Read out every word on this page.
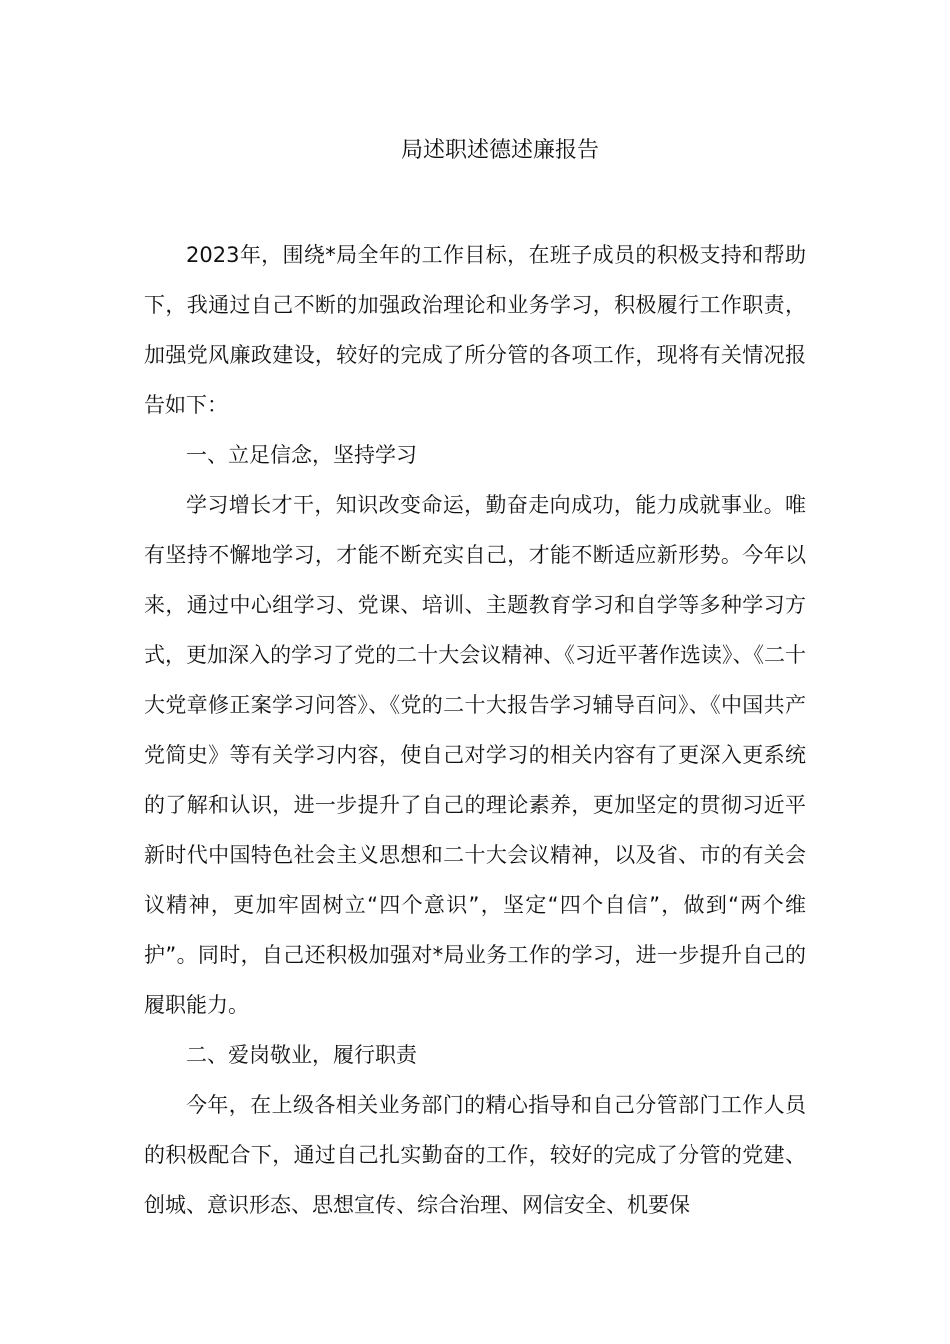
局述职述德述廉报告

2023年，围绕*局全年的工作目标，在班子成员的积极支持和帮助下，我通过自己不断的加强政治理论和业务学习，积极履行工作职责，加强党风廉政建设，较好的完成了所分管的各项工作，现将有关情况报告如下：

一、立足信念，坚持学习

学习增长才干，知识改变命运，勤奋走向成功，能力成就事业。唯有坚持不懈地学习，才能不断充实自己，才能不断适应新形势。今年以来，通过中心组学习、党课、培训、主题教育学习和自学等多种学习方式，更加深入的学习了党的二十大会议精神、《习近平著作选读》、《二十大党章修正案学习问答》、《党的二十大报告学习辅导百问》、《中国共产党简史》等有关学习内容，使自己对学习的相关内容有了更深入更系统的了解和认识，进一步提升了自己的理论素养，更加坚定的贯彻习近平新时代中国特色社会主义思想和二十大会议精神，以及省、市的有关会议精神，更加牢固树立“四个意识”，坚定“四个自信”，做到“两个维护”。同时，自己还积极加强对*局业务工作的学习，进一步提升自己的履职能力。

二、爱岗敬业，履行职责

今年，在上级各相关业务部门的精心指导和自己分管部门工作人员的积极配合下，通过自己扎实勤奋的工作，较好的完成了分管的党建、创城、意识形态、思想宣传、综合治理、网信安全、机要保
